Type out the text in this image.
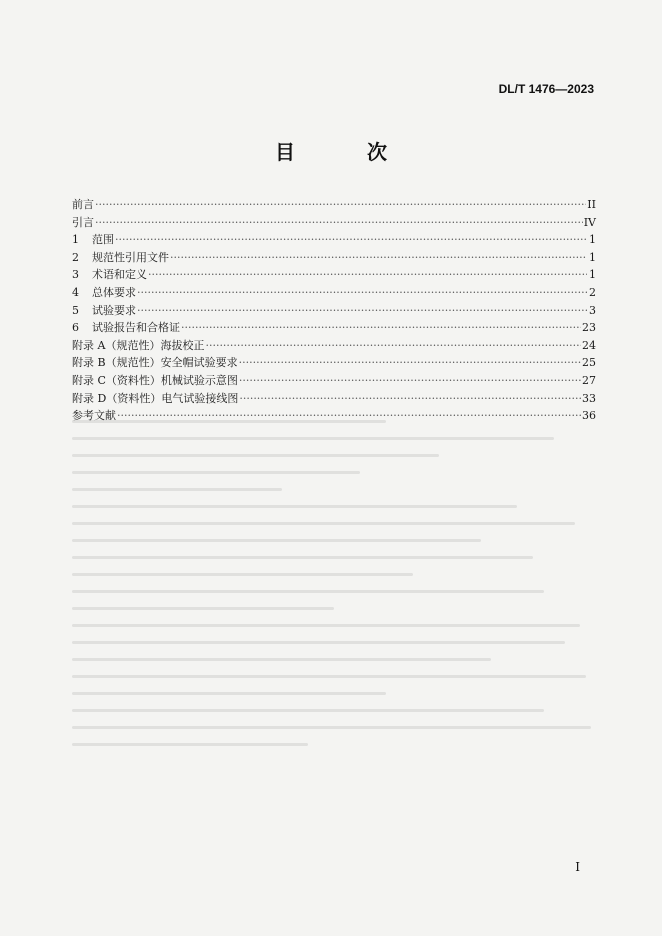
DL/T 1476—2023
目　次
前言 ·····	II
引言 ·····	IV
1	范围 ·····	1
2	规范性引用文件 ·····	1
3	术语和定义 ·····	1
4	总体要求 ·····	2
5	试验要求 ·····	3
6	试验报告和合格证 ·····	23
附录 A（规范性）海拔校正 ·····	24
附录 B（规范性）安全帽试验要求 ·····	25
附录 C（资料性）机械试验示意图 ·····	27
附录 D（资料性）电气试验接线图 ·····	33
参考文献 ·····	36
I
